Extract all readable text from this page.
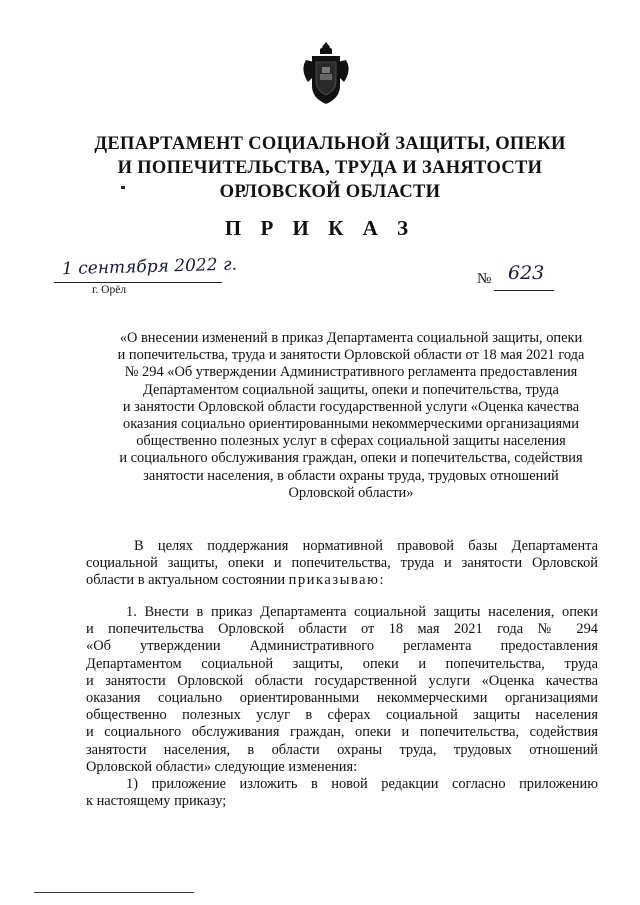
ДЕПАРТАМЕНТ СОЦИАЛЬНОЙ ЗАЩИТЫ, ОПЕКИ
И ПОПЕЧИТЕЛЬСТВА, ТРУДА И ЗАНЯТОСТИ
ОРЛОВСКОЙ ОБЛАСТИ
П Р И К А З
1 сентября 2022 г.
г. Орёл
№ 623
«О внесении изменений в приказ Департамента социальной защиты, опеки
и попечительства, труда и занятости Орловской области от 18 мая 2021 года
№ 294 «Об утверждении Административного регламента предоставления
Департаментом социальной защиты, опеки и попечительства, труда
и занятости Орловской области государственной услуги «Оценка качества
оказания социально ориентированными некоммерческими организациями
общественно полезных услуг в сферах социальной защиты населения
и социального обслуживания граждан, опеки и попечительства, содействия
занятости населения, в области охраны труда, трудовых отношений
Орловской области»
В целях поддержания нормативной правовой базы Департамента
социальной защиты, опеки и попечительства, труда и занятости Орловской
области в актуальном состоянии приказываю:
1. Внести в приказ Департамента социальной защиты населения, опеки
и попечительства Орловской области от 18 мая 2021 года № 294
«Об утверждении Административного регламента предоставления
Департаментом социальной защиты, опеки и попечительства, труда
и занятости Орловской области государственной услуги «Оценка качества
оказания социально ориентированными некоммерческими организациями
общественно полезных услуг в сферах социальной защиты населения
и социального обслуживания граждан, опеки и попечительства, содействия
занятости населения, в области охраны труда, трудовых отношений
Орловской области» следующие изменения:
1) приложение изложить в новой редакции согласно приложению
к настоящему приказу;
